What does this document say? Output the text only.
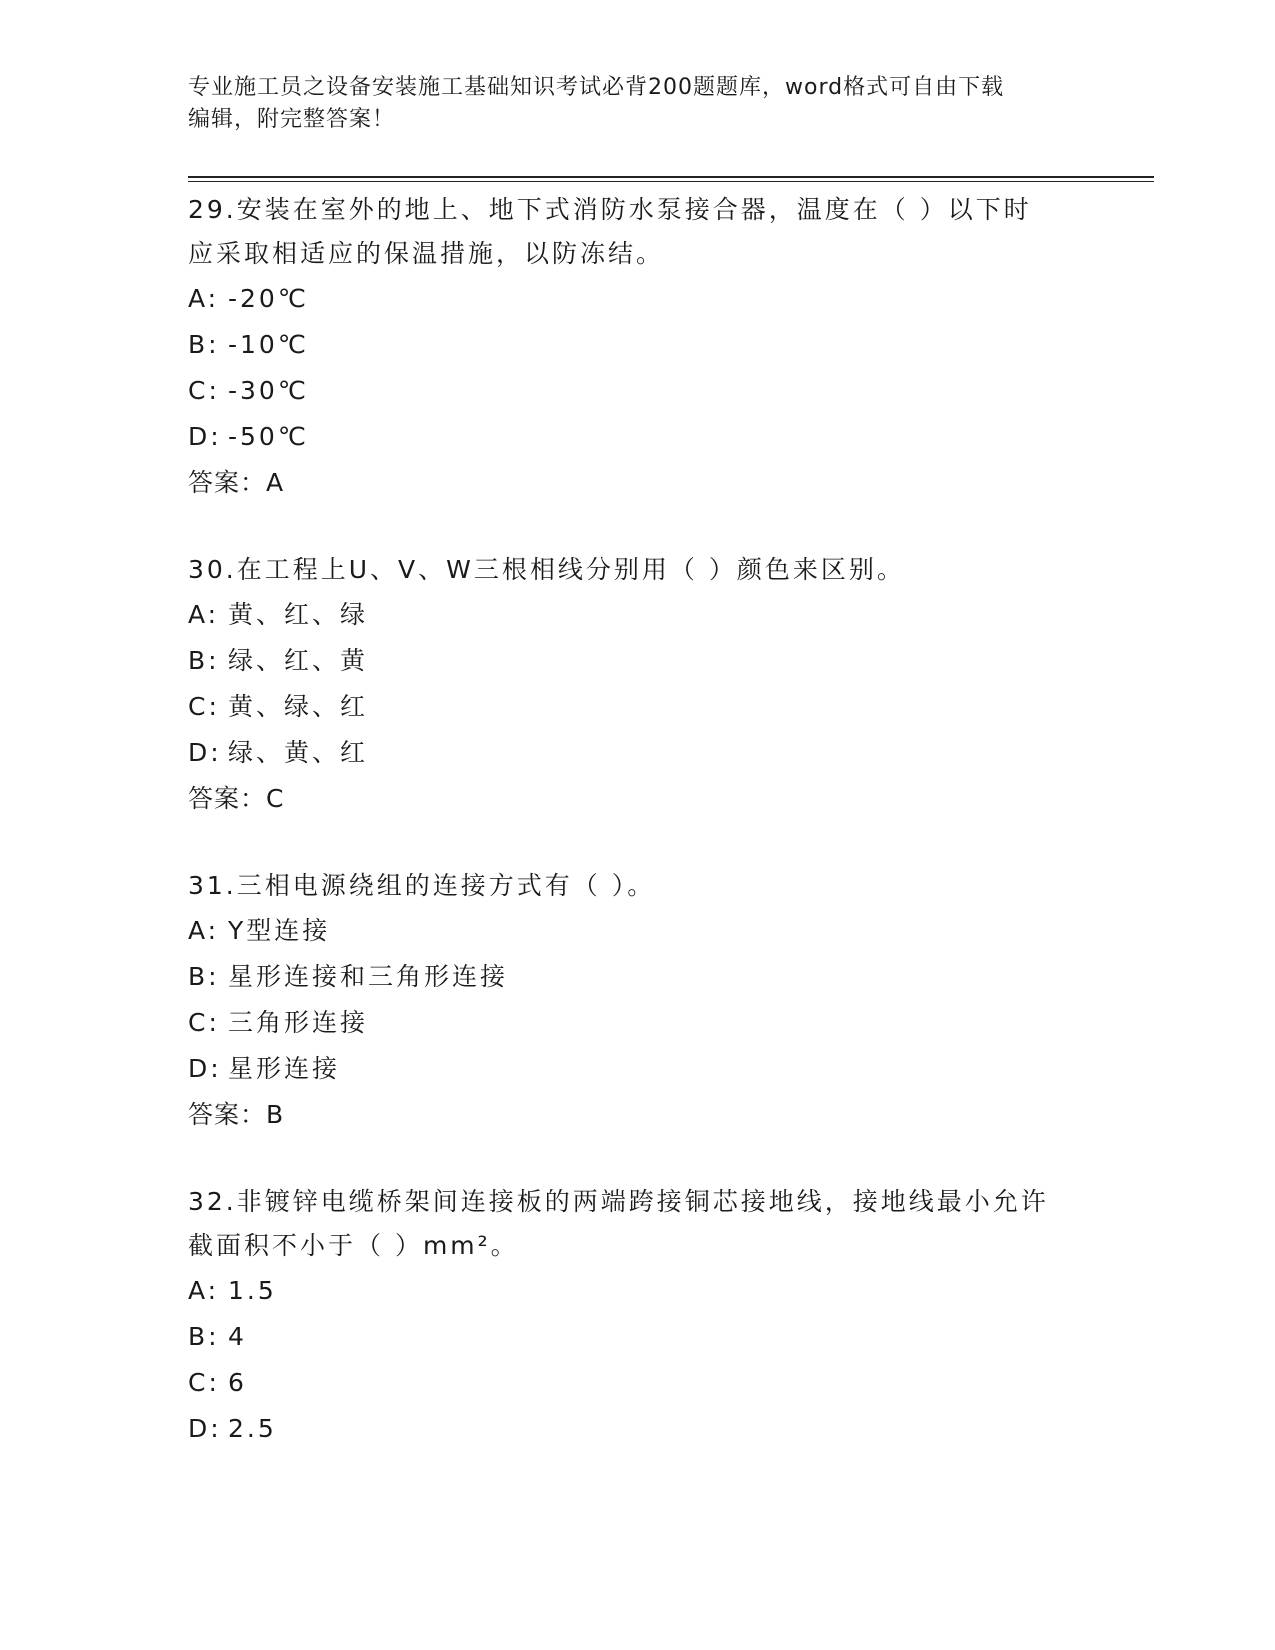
专业施工员之设备安装施工基础知识考试必背200题题库，word格式可自由下载
编辑，附完整答案！
29.安装在室外的地上、地下式消防水泵接合器，温度在（ ）以下时
应采取相适应的保温措施，以防冻结。
A: -20℃
B: -10℃
C: -30℃
D: -50℃
答案：A
30.在工程上U、V、W三根相线分别用（ ）颜色来区别。
A: 黄、红、绿
B: 绿、红、黄
C: 黄、绿、红
D: 绿、黄、红
答案：C
31.三相电源绕组的连接方式有（ ）。
A: Y型连接
B: 星形连接和三角形连接
C: 三角形连接
D: 星形连接
答案：B
32.非镀锌电缆桥架间连接板的两端跨接铜芯接地线，接地线最小允许
截面积不小于（ ）mm²。
A: 1.5
B: 4
C: 6
D: 2.5
